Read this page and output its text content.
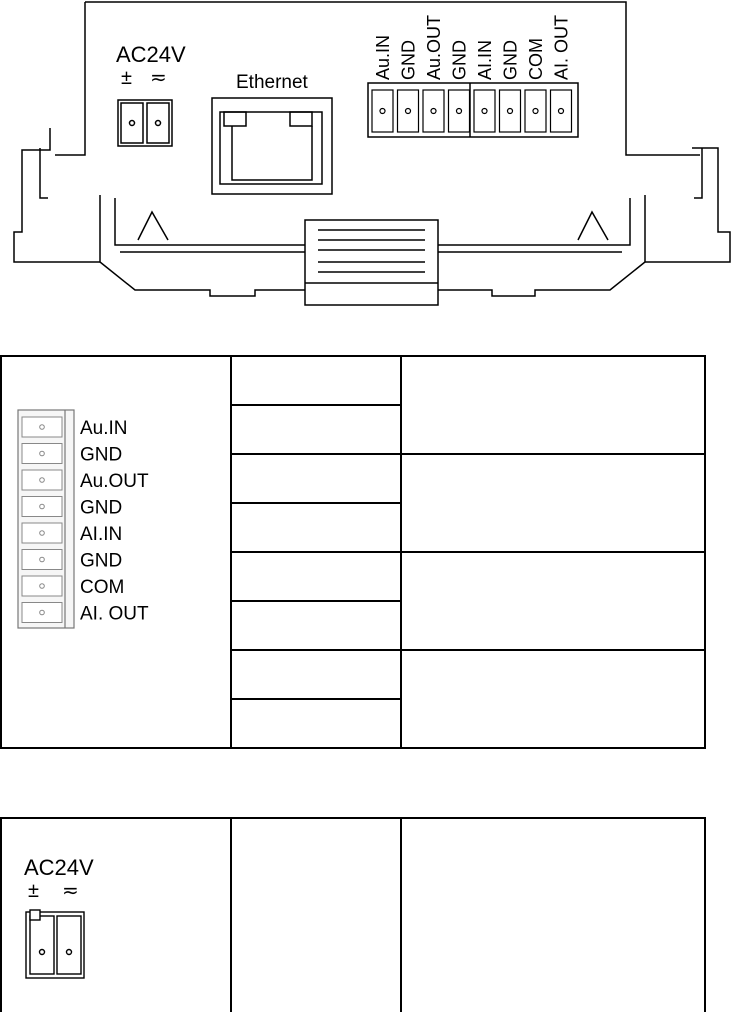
AC24V
± ≂	Ethernet
Au.IN GND Au.OUT GND AI.IN GND COM AI. OUT
Au.IN
GND
Au.OUT
GND
AI.IN
GND
COM
AI. OUT
AC24V
± ≂
